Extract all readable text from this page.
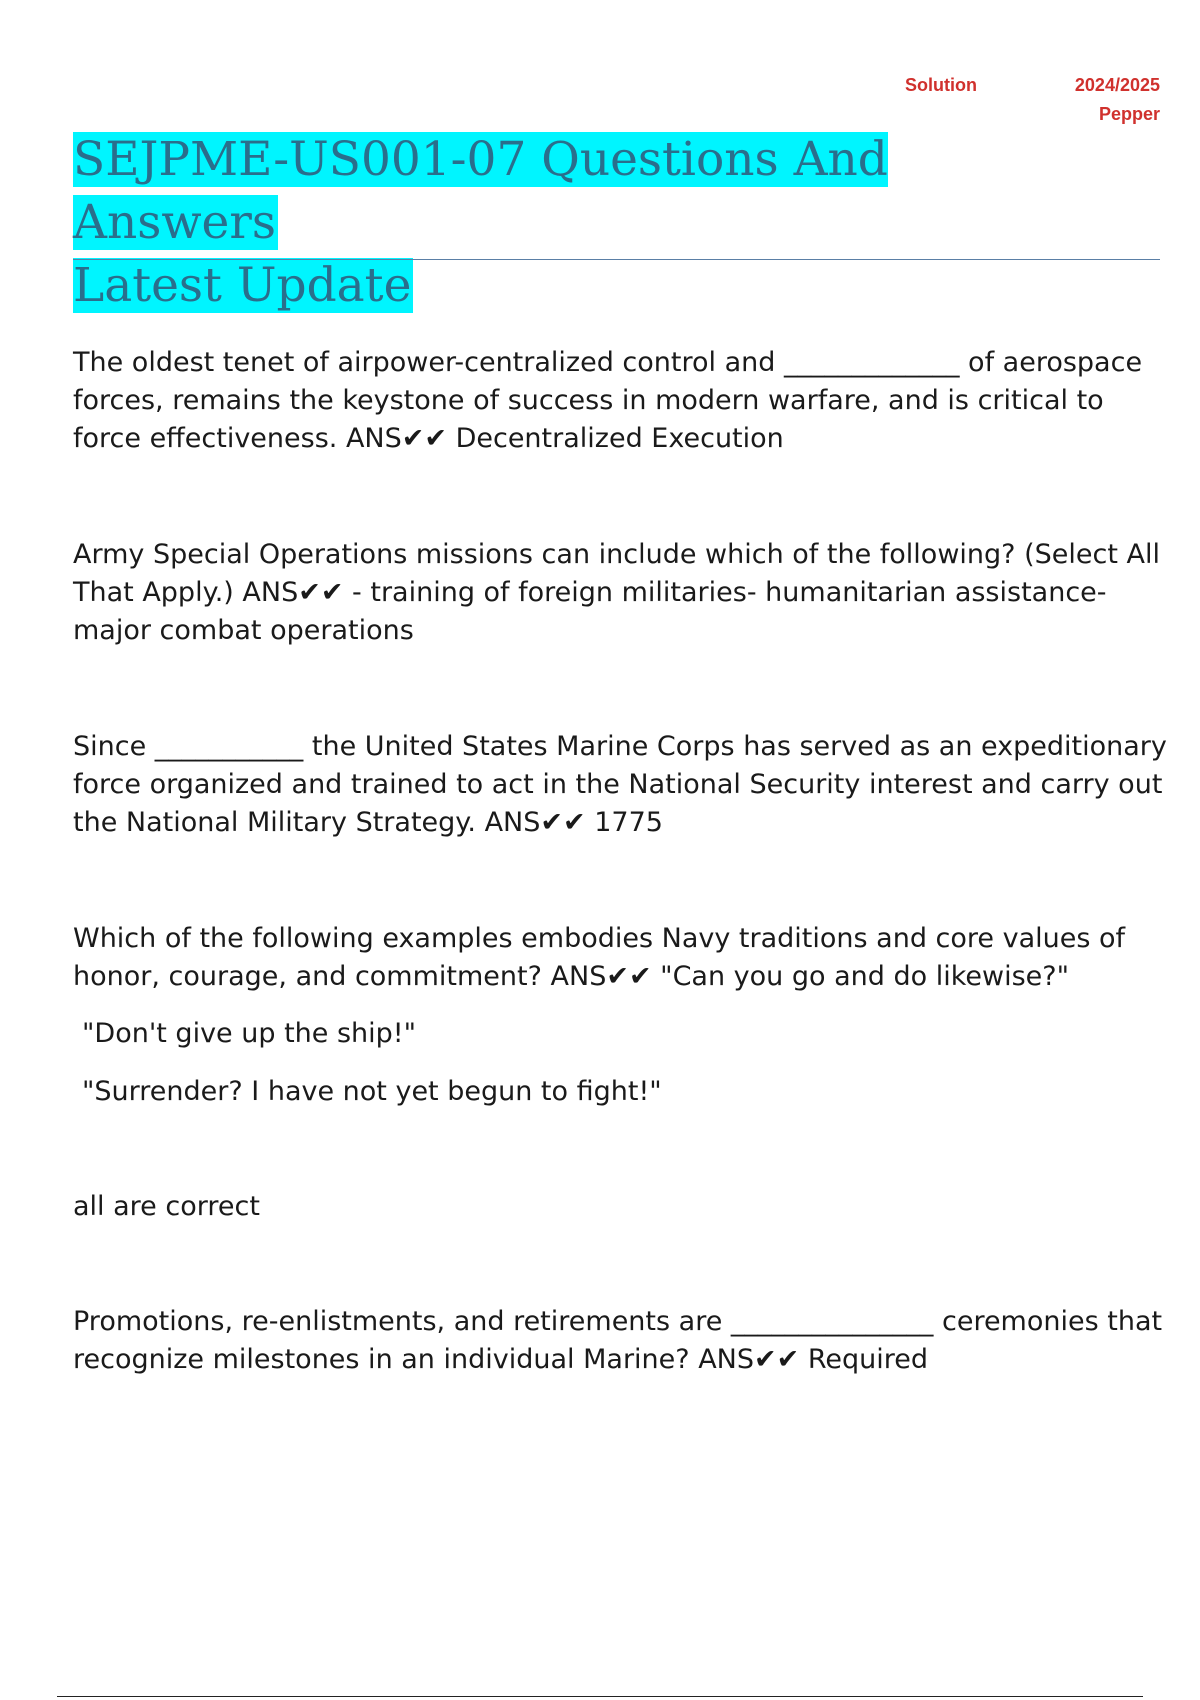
Solution	2024/2025
Pepper
SEJPME-US001-07 Questions And Answers
Latest Update

The oldest tenet of airpower-centralized control and _____________ of aerospace forces, remains the keystone of success in modern warfare, and is critical to force effectiveness. ANS✔✔ Decentralized Execution

Army Special Operations missions can include which of the following? (Select All That Apply.) ANS✔✔ - training of foreign militaries- humanitarian assistance- major combat operations

Since ___________ the United States Marine Corps has served as an expeditionary force organized and trained to act in the National Security interest and carry out the National Military Strategy. ANS✔✔ 1775

Which of the following examples embodies Navy traditions and core values of honor, courage, and commitment? ANS✔✔ "Can you go and do likewise?"

"Don't give up the ship!"

"Surrender? I have not yet begun to fight!"

all are correct

Promotions, re-enlistments, and retirements are _______________ ceremonies that recognize milestones in an individual Marine? ANS✔✔ Required
